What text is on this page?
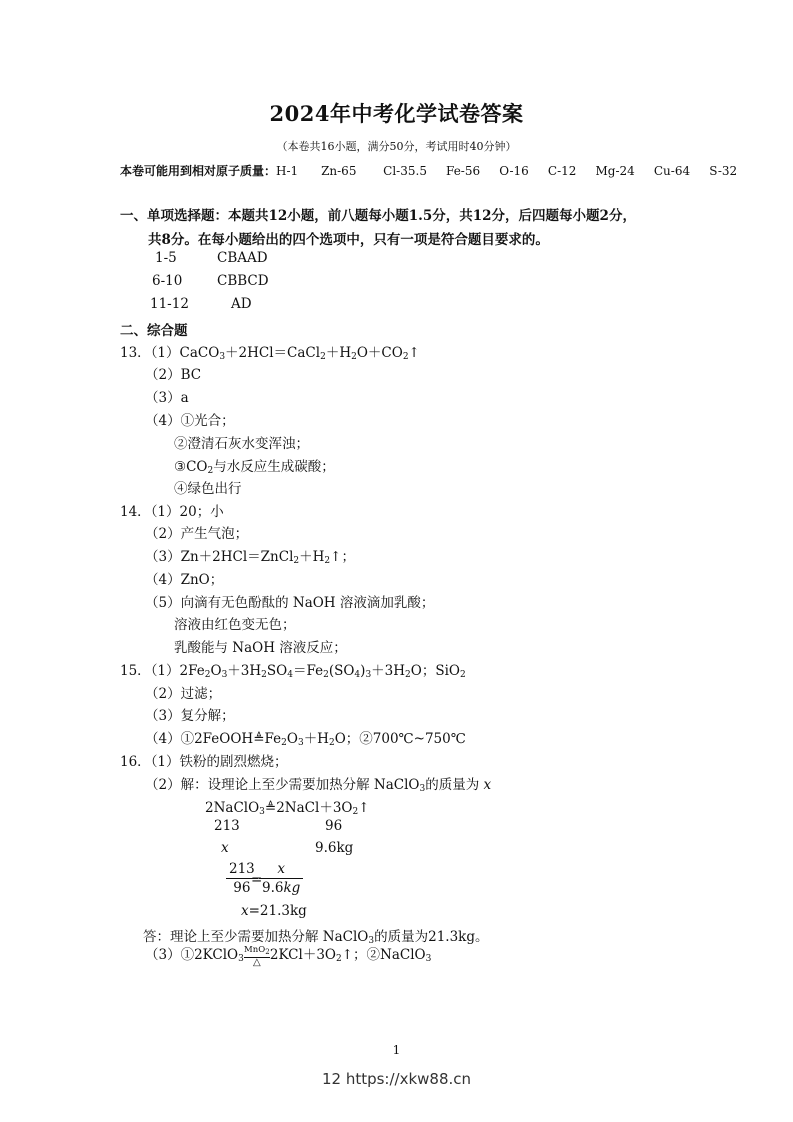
2024年中考化学试卷答案
（本卷共16小题，满分50分，考试用时40分钟）
本卷可能用到相对原子质量：H-1 Zn-65 Cl-35.5 Fe-56 O-16 C-12 Mg-24 Cu-64 S-32
一、单项选择题：本题共12小题，前八题每小题1.5分，共12分，后四题每小题2分，
共8分。在每小题给出的四个选项中，只有一项是符合题目要求的。
1-5	CBAAD
6-10	CBBCD
11-12	AD
二、综合题
13．$(1)CaCO_3+2HCl=CaCl_2+H_2O+CO_2↑$
（2）BC
（3）a
（4）①光合；
②澄清石灰水变浑浊；
$③CO_2$与水反应生成碳酸；
④绿色出行
14．（1）20；小
（2）产生气泡；
$(3)Zn+2HCl=ZnCl_2+H_2↑$；
（4）ZnO；
（5）向滴有无色酚酞的 NaOH 溶液滴加乳酸；
溶液由红色变无色；
乳酸能与 NaOH 溶液反应；
15．$(1)2Fe_2O_3+3H_2SO_4=Fe_2(SO_4)_3+3H_2O$；SiO$_2$
（2）过滤；
（3）复分解；
$(4)①2FeOOH≜Fe_2O_3+H_2O$；②700℃~750℃
16．（1）铁粉的剧烈燃烧；
（2）解：设理论上至少需要加热分解 NaClO$_3$的质量为 x
$2NaClO_3≜2NaCl+3O_2↑$
213	96
x	9.6kg
213
96 =
x
9.6kg
x=21.3kg
答：理论上至少需要加热分解 NaClO$_3$的质量为21.3kg。
（3）①2KClO$_3$
MnO$_2$
△ $2KCl+3O_2↑$；②NaClO$_3$
1
12 https://xkw88.cn
